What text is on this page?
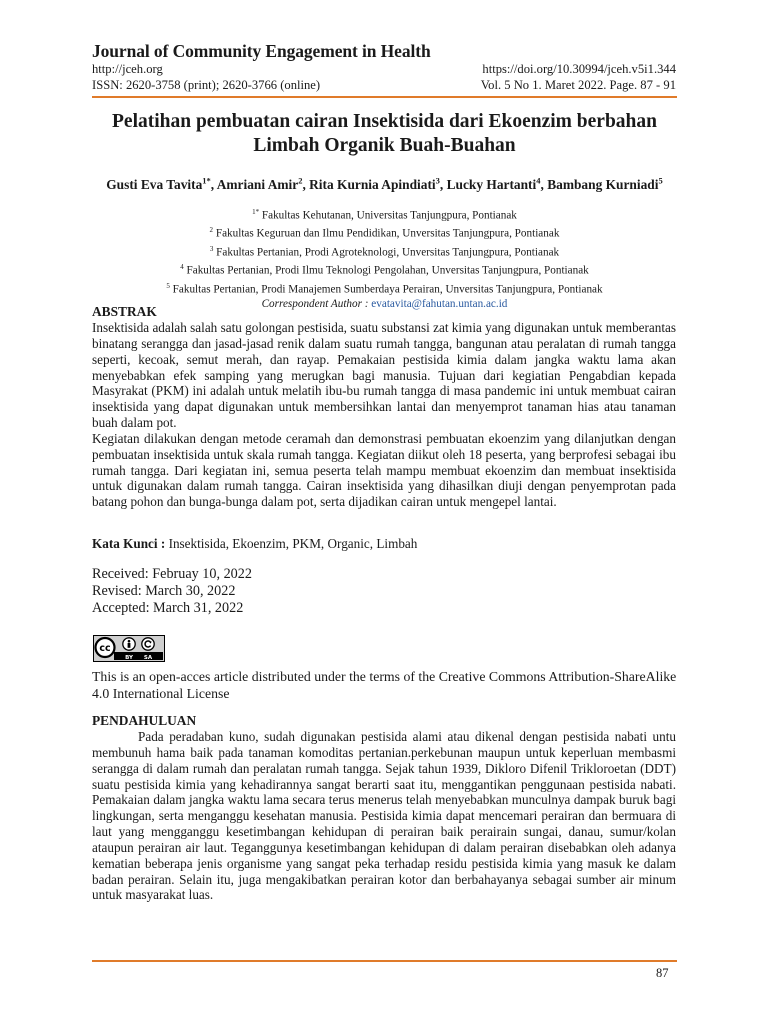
Journal of Community Engagement in Health
http://jceh.org	https://doi.org/10.30994/jceh.v5i1.344
ISSN: 2620-3758 (print); 2620-3766 (online)	Vol. 5 No 1. Maret 2022. Page. 87 - 91
Pelatihan pembuatan cairan Insektisida dari Ekoenzim berbahan Limbah Organik Buah-Buahan
Gusti Eva Tavita$^{1*}$, Amriani Amir$^2$, Rita Kurnia Apindiati$^3$, Lucky Hartanti$^4$, Bambang Kurniadi$^5$
$^{1*}$ Fakultas Kehutanan, Universitas Tanjungpura, Pontianak
$^2$ Fakultas Keguruan dan Ilmu Pendidikan, Unversitas Tanjungpura, Pontianak
$^3$ Fakultas Pertanian, Prodi Agroteknologi, Unversitas Tanjungpura, Pontianak
$^4$ Fakultas Pertanian, Prodi Ilmu Teknologi Pengolahan, Unversitas Tanjungpura, Pontianak
$^5$ Fakultas Pertanian, Prodi Manajemen Sumberdaya Perairan, Unversitas Tanjungpura, Pontianak
Correspondent Author : evatavita@fahutan.untan.ac.id
ABSTRAK

Insektisida adalah salah satu golongan pestisida, suatu substansi zat kimia yang digunakan untuk memberantas binatang serangga dan jasad-jasad renik dalam suatu rumah tangga, bangunan atau peralatan di rumah tangga seperti, kecoak, semut merah, dan rayap. Pemakaian pestisida kimia dalam jangka waktu lama akan menyebabkan efek samping yang merugkan bagi manusia. Tujuan dari kegiatian Pengabdian kepada Masyrakat (PKM) ini adalah untuk melatih ibu-bu rumah tangga di masa pandemic ini untuk membuat cairan insektisida yang dapat digunakan untuk membersihkan lantai dan menyemprot tanaman hias atau tanaman buah dalam pot.

Kegiatan dilakukan dengan metode ceramah dan demonstrasi pembuatan ekoenzim yang dilanjutkan dengan pembuatan insektisida untuk skala rumah tangga. Kegiatan diikut oleh 18 peserta, yang berprofesi sebagai ibu rumah tangga. Dari kegiatan ini, semua peserta telah mampu membuat ekoenzim dan membuat insektisida untuk digunakan dalam rumah tangga. Cairan insektisida yang dihasilkan diuji dengan penyemprotan pada batang pohon dan bunga-bunga dalam pot, serta dijadikan cairan untuk mengepel lantai.

Kata Kunci : Insektisida, Ekoenzim, PKM, Organic, Limbah
Received: Februay 10, 2022
Revised: March 30, 2022
Accepted: March 31, 2022
cc
BY SA
This is an open-acces article distributed under the terms of the Creative Commons Attribution-ShareAlike 4.0 International License
PENDAHULUAN

Pada peradaban kuno, sudah digunakan pestisida alami atau dikenal dengan pestisida nabati untu membunuh hama baik pada tanaman komoditas pertanian.perkebunan maupun untuk keperluan membasmi serangga di dalam rumah dan peralatan rumah tangga. Sejak tahun 1939, Dikloro Difenil Trikloroetan (DDT) suatu pestisida kimia yang kehadirannya sangat berarti saat itu, menggantikan penggunaan pestisida nabati. Pemakaian dalam jangka waktu lama secara terus menerus telah menyebabkan munculnya dampak buruk bagi lingkungan, serta menganggu kesehatan manusia. Pestisida kimia dapat mencemari perairan dan bermuara di laut yang mengganggu kesetimbangan kehidupan di perairan baik perairain sungai, danau, sumur/kolan ataupun perairan air laut. Teganggunya kesetimbangan kehidupan di dalam perairan disebabkan oleh adanya kematian beberapa jenis organisme yang sangat peka terhadap residu pestisida kimia yang masuk ke dalam badan perairan. Selain itu, juga mengakibatkan perairan kotor dan berbahayanya sebagai sumber air minum untuk masyarakat luas.

87
